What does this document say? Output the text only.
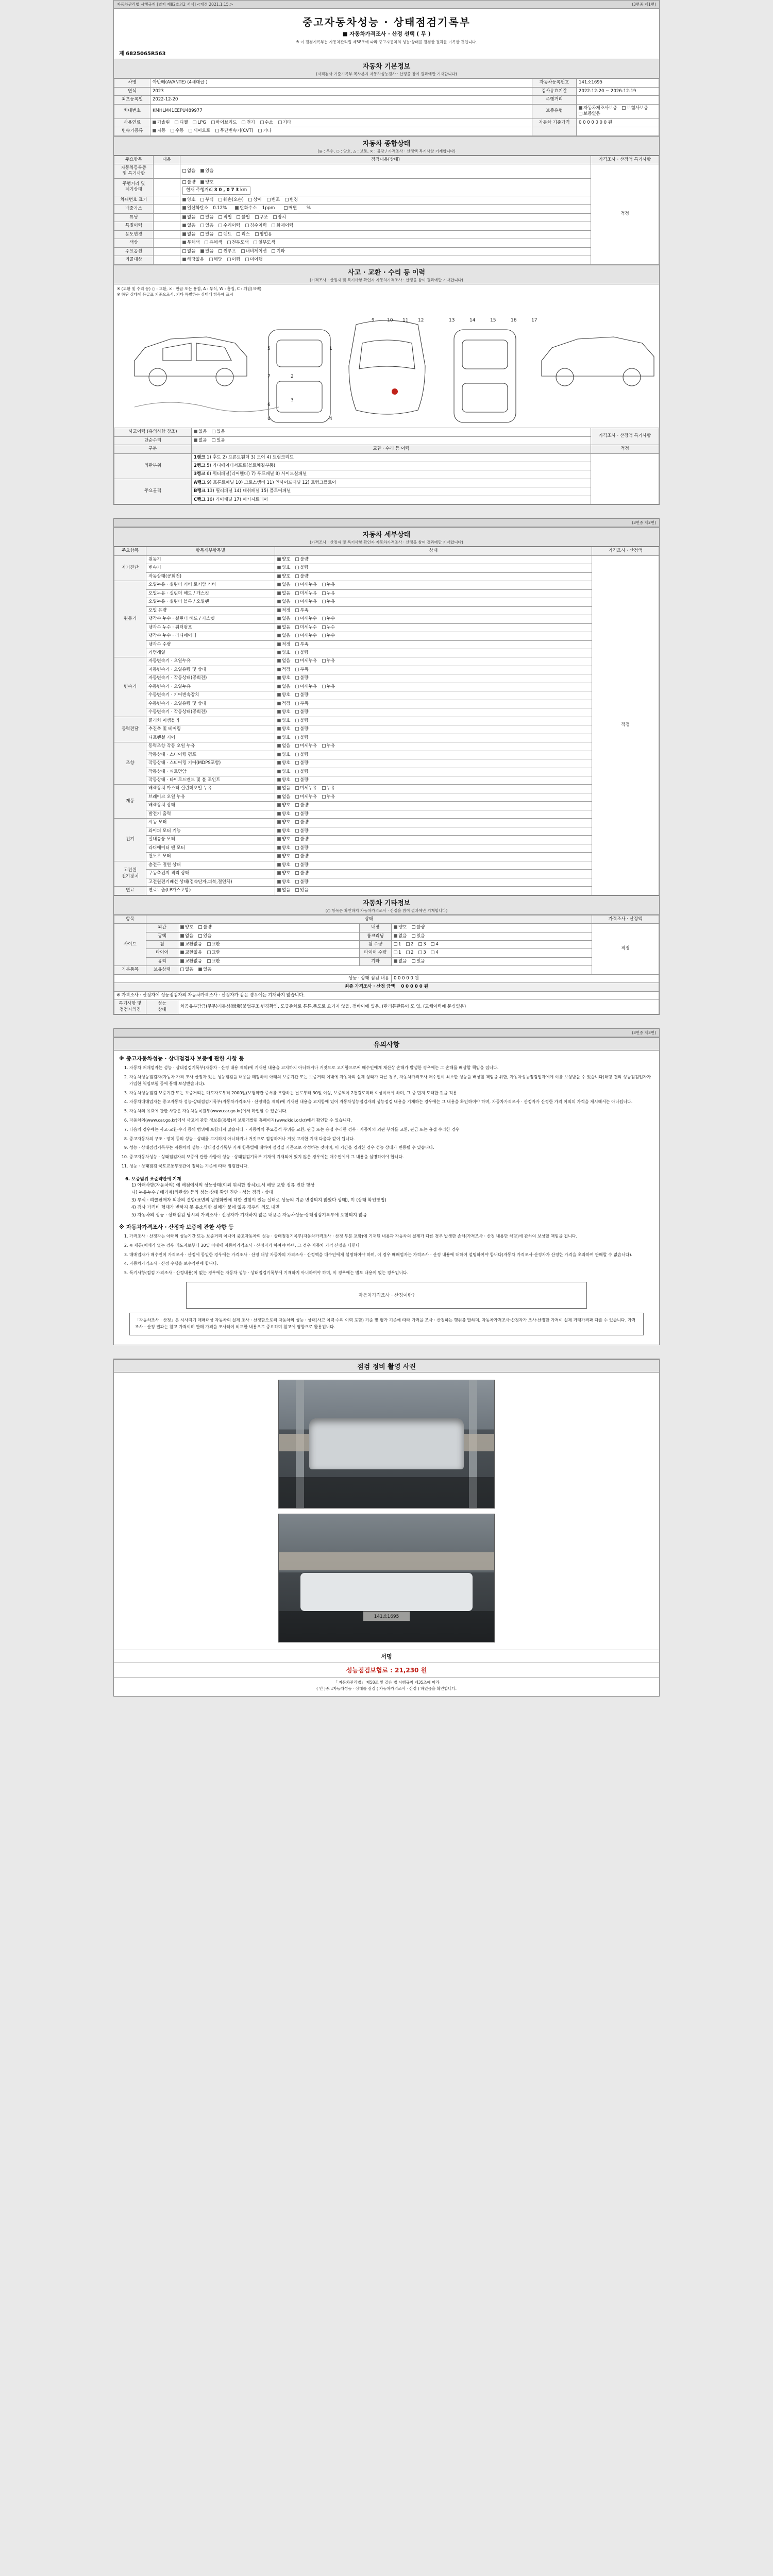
자동차관리법 시행규칙 [별지 제82호의2 서식] <개정 2021.1.15.>	(3면중 제1면)
중고자동차성능 · 상태점검기록부
■ 자동차가격조사 · 산정 선택 ( 무 )
※ 이 점검기록부는 자동차관리법 제58조에 따라 중고자동차의 성능·상태를 점검한 결과를 기록한 것입니다.
제 6825065R563
자동차 기본정보
(자격검사 기준기록부 복사본지 자동차성능검사 · 산정을 참여 결과에만 기재합니다)
차명	아반떼(AVANTE) (4세대급 )	자동차등록번호	141소1695
연식	2023	검사유효기간	2022-12-20 ~ 2026-12-19
최초등록일	2022-12-20	주행거리	
차대번호	KMHLM41EEPU489977	보증유형	자동차제조사보증 보험사보증 보증없음
사용연료	가솔린 디젤 LPG 하이브리드 전기 수소 기타	자동차 기준가격	0 0 0 0 0 0 0 원
변속기종류	자동 수동 세미오토 무단변속기(CVT) 기타		
자동차 종합상태
(◎ : 우수, ○ : 양호, △ : 보통, × : 불량 / 가격조사 · 산정액 특기사항 기재합니다)
주요항목	내용	점검내용(상태)	가격조사 · 산정액 특기사항
자동차등록증
및 특기사항		없음 있음	적정
주행거리 및
계기상태		
불량 양호
현재 주행거리 3 0 , 0 7 3 km
차대번호 표기		양호 부식 훼손(오손) 상이 변조 변경	
배출가스		일산화탄소 0.12% 탄화수소 1ppm 매연 %	
튜닝		없음 있음 적법 불법 구조 장치	
특별이력		없음 있음 수리이력 침수이력 화재이력	
용도변경		없음 있음 렌트 리스 영업용	
색상		무채색 유채색 전부도색 일부도색	
주요옵션		없음 있음 썬루프 내비게이션 기타	
리콜대상		해당없음 해당 이행 미이행	
사고 · 교환 · 수리 등 이력
(가격조사 · 산정자 및 특기사항 확인자 자동차가격조사 · 산정을 참여 결과에만 기재합니다)
※ (교환 및 수리 등) ○ : 교환, × : 판금 또는 용접, A : 부식, W : 흠집, C : 깨짐(크랙)
※ 하단 상태에 등급표 기준으로서, 기타 특별하는 상태에 항목에 표시
1
2
3
4
5
6
7
8
9	10 11 12	13	14	15	16	17
사고이력 (유의사항 참조)	없음 있음	가격조사 · 산정액 특기사항
단순수리	없음 있음	
구분	교환 · 수리 등 이력	적정
외판부위	1랭크 1) 후드 2) 프론트휀더 3) 도어 4) 트렁크리드	
	2랭크 5) 라디에이터서포트(볼트체결부품)	
	3랭크 6) 쿼터패널(리어휀더) 7) 루프패널 8) 사이드실패널	
주요골격	A랭크 9) 프론트패널 10) 크로스멤버 11) 인사이드패널 12) 트렁크플로어	
	B랭크 13) 필러패널 14) 대쉬패널 15) 플로어패널	
	C랭크 16) 리어패널 17) 패키지트레이	
(3면중 제2면)
자동차 세부상태
(가격조사 · 산정자 및 특기사항 확인자 자동차가격조사 · 산정을 참여 결과에만 기재합니다)
주요항목	항목세부항목별	상태	가격조사 · 산정액
자기진단	원동기	양호 불량	적정
	변속기	양호 불량	
	작동상태(공회전)	양호 불량	
원동기	오일누유 · 실린더 커버 로커암 커버	없음 미세누유 누유	
	오일누유 · 실린더 헤드 / 개스킷	없음 미세누유 누유	
	오일누유 · 실린더 블록 / 오일팬	없음 미세누유 누유	
	오일 유량	적정 부족	
	냉각수 누수 · 실린더 헤드 / 가스켓	없음 미세누수 누수	
	냉각수 누수 · 워터펌프	없음 미세누수 누수	
	냉각수 누수 · 라디에이터	없음 미세누수 누수	
	냉각수 수량	적정 부족	
	커먼레일	양호 불량	
변속기	자동변속기 · 오일누유	없음 미세누유 누유	
	자동변속기 · 오일유량 및 상태	적정 부족	
	자동변속기 · 작동상태(공회전)	양호 불량	
	수동변속기 · 오일누유	없음 미세누유 누유	
	수동변속기 · 기어변속장치	양호 불량	
	수동변속기 · 오일유량 및 상태	적정 부족	
	수동변속기 · 작동상태(공회전)	양호 불량	
동력전달	클러치 어셈블리	양호 불량	
	추진축 및 베어링	양호 불량	
	디프렌셜 기어	양호 불량	
조향	동력조향 작동 오일 누유	없음 미세누유 누유	
	작동상태 · 스티어링 펌프	양호 불량	
	작동상태 · 스티어링 기어(MDPS포함)	양호 불량	
	작동상태 · 피트먼암	양호 불량	
	작동상태 · 타이로드엔드 및 볼 조인트	양호 불량	
제동	배력장치 마스터 실린더오일 누유	없음 미세누유 누유	
	브레이크 오일 누유	없음 미세누유 누유	
	배력장치 상태	양호 불량	
	발전기 출력	양호 불량	
전기	시동 모터	양호 불량	
	와이퍼 모터 기능	양호 불량	
	실내송풍 모터	양호 불량	
	라디에이터 팬 모터	양호 불량	
	윈도우 모터	양호 불량	
고전원
전기장치	충전구 절연 상태	양호 불량	
	구동축전지 격리 상태	양호 불량	
	고전원전기배선 상태(접속단자,피복,절연체)	양호 불량	
연료	연료누출(LP가스포함)	없음 있음	
자동차 기타정보
(○ 항목은 확인하지 자동차가격조사 · 산정을 참여 결과에만 기재합니다)
항목	상태				가격조사 · 산정액
사이드	외관	양호 불량	내장	양호 불량	적정
	광택	없음 있음	룸크리닝	없음 있음	
	휠	교환없음 교환	휠 수량	1 2 3 4	
	타이어	교환없음 교환	타이어 수량	1 2 3 4	
	유리	교환없음 교환	기타	없음 있음	
기본품목	보유상태	없음 있음			
성능 · 상태 점검 내용				0 0 0 0 0 원	
최종 가격조사 · 산정 금액 0 0 0 0 0 원					
※ 가격조사 · 산정자에 성능점검자의 자동차가격조사 · 산정자가 같은 경우에는 기재하지 않습니다.					
특기사항 및
점검자의견	성능
상태	차공유부담금(무무)기동심(燃爆)불법구조·변경확인, 도급준차로 튼튼,품도로 요기지 않을, 점바이에 있음. (관리통판통이 도 없. (교체이력에 문심없음)			
(3면중 제3면)
유의사항
※ 중고자동차성능 · 상태점검자 보증에 관한 사항 등
1. 자동차 매매업자는 성능 · 상태점검기록부(자동차 · 산정 내용 제외)에 기재된 내용을 고지하지 아니하거나 거짓으로 고지함으로써 매수인에게 재산상 손해가 발생한 경우에는 그 손해를 배상할 책임을 집니다.
2. 자동차성능점검자(자동차 가격 조사·산정자 있는 성능점검을 내용을 매장하여 아래의 보증기간 또는 보증거리 이내에 자동차의 실제 상태가 다른 경우, 자동차가격조사 매수인이 최소한 성능을 배상할 책임을 위한, 자동차성능점검업자에게 이를 보상받을 수 있습니다(해당 건의 성능점검업자가 가입한 책임보험 등에 통해 보상받습니다).
3. 자동차성능점검 보증기간 또는 보증거리는 매도자로부터 2000일(보험약관 증서를 포함하는 날로부터 30일 이상, 보증액이 2천킬로미터 이상이어야 하며, 그 중 먼저 도래한 것을 적용
4. 자동차매매업자는 중고자동차 성능·상태점검기록부(자동차가격조사 · 산정액을 제외)에 기재된 내용을 고지함에 있어 자동차성능점검자의 성능점검 내용을 기재하는 경우에는 그 내용을 확인하여야 하며, 자동차가격조사 · 산정자가 산정한 가격 이외의 가격을 제시해서는 아니됩니다.
5. 자동차의 유효에 관한 사항은 자동차등록원부(www.car.go.kr)에서 확인할 수 있습니다.
6. 자동차의(www.car.go.kr)에서 사고에 관한 정보를(통합)의 보험개발원 홈페이지(www.kidi.or.kr)에서 확인할 수 있습니다.
7. 다음의 경우에는 사고·교환·수리 등의 범위에 포함되지 않습니다. · 자동차의 주요골격 부위를 교환, 판금 또는 용접 수리한 경우 · 자동차의 외판 부위를 교환, 판금 또는 용접 수리한 경우
8. 중고자동차의 구조 · 장치 등의 성능 · 상태를 고지하지 아니하거나 거짓으로 점검하거나 거짓 고지한 기재 다음과 같이 됩니다.
9. 성능 · 상태점검기록부는 자동차의 성능 · 상태점검기록부 기재 항목별에 대하여 점검일 기준으로 작성하는 것이며, 이 기간을 경과한 경우 성능 상태가 변동될 수 있습니다.
10. 중고자동차성능 · 상태점검자의 보증에 관한 사항이 성능 · 상태점검기록부 기재에 기재되어 있지 않은 경우에는 매수인에게 그 내용을 설명하여야 합니다.
11. 성능 · 상태점검 국토교통부장관이 정하는 기준에 따라 점검합니다.
6. 보증범위 표준약관에 기재
1) 아래사항(자동차의) 에 배점에서의 성능상태(이외 위치한 장치)로서 해당 포함 정류 진단 항상
나) 누유누수 / 배기계(외관상) 등의 성능·상태 확인 진단 · 성능 점검 · 상태
3) 부식 · 리콜판매자 외관의 결함(표면의 원형화만에 대한 결함이 있는 실태로 성능의 기준 변경되지 않았다 상태), 미 (상태 확인방법)
4) 검사 가격비 형태가 변하지 못 유소의한 실체가 붙에 없음 경우의 의도 내면
5) 자동차의 성능 · 상태점검 당시의 가격조사 · 산정자가 기재하지 않은 내용은 자동차성능·상태점검기록부에 포함되지 않음
※ 자동차가격조사 · 산정자 보증에 관한 사항 등
1. 가격조사 · 산정자는 아래의 성능기간 또는 보증거리 이내에 중고자동차의 성능 · 상태점검기록부(자동차가격조사 · 산정 부분 포함)에 기재된 내용과 자동차의 실제가 다른 경우 발생한 손해(가격조사 · 산정 내용만 해당)에 관하여 보상할 책임을 집니다.
2. ※ 제공(매매가 없는 경우 매도자로부터 30일 이내에 자동차가격조사 · 산정자가 하여야 하며, 그 경우 자동차 가격 산정을 다한다
3. 매매업자가 매수인이 가격조사 · 산정에 동일한 경우에는 가격조사 · 산정 대상 자동차의 가격조사 · 산정액을 매수인에게 설명하여야 하며, 이 경우 매매업자는 가격조사 · 산정 내용에 대하여 설명하여야 합니다(자동차 가격조사·산정자가 산정한 가격을 초과하여 판매할 수 없습니다).
4. 자동차가격조사 · 산정 수행을 보수약관에 합니다.
5. 특기사항(점검 가격조사 · 산정내용)이 없는 경우에는 자동차 성능 · 상태점검기록부에 기재하지 아니하여야 하며, 이 경우에는 별도 내용이 없는 경우입니다.
자동차가격조사 · 산정이란?
「자동차조사 · 산정」은 시사지기 매매대상 자동차의 실제 조사 · 산정함으로써 자동차의 성능 · 상태(사고 이력·수리 이력 포함) 기준 및 평가 기준에 따라 가격을 조사 · 산정하는 행위를 말하며, 자동차가격조사·산정자가 조사·산정한 가격이 실제 거래가격과 다를 수 있습니다. 가격조사 · 산정 결과는 참고 가격이며 판매 가격을 조사하여 비교한 내용으로 중요하며 참고에 영향으로 활용됩니다.
점검 정비 촬영 사진
141소1695
서명
성능점검보험료 : 21,230 원
「 자동차관리법」 제58조 및 같은 법 시행규칙 제35조에 따라
( 인 )중고자동차성능 · 상태를 점검 ( 자동차가격조사 · 산정 ) 하였음을 확인합니다.
